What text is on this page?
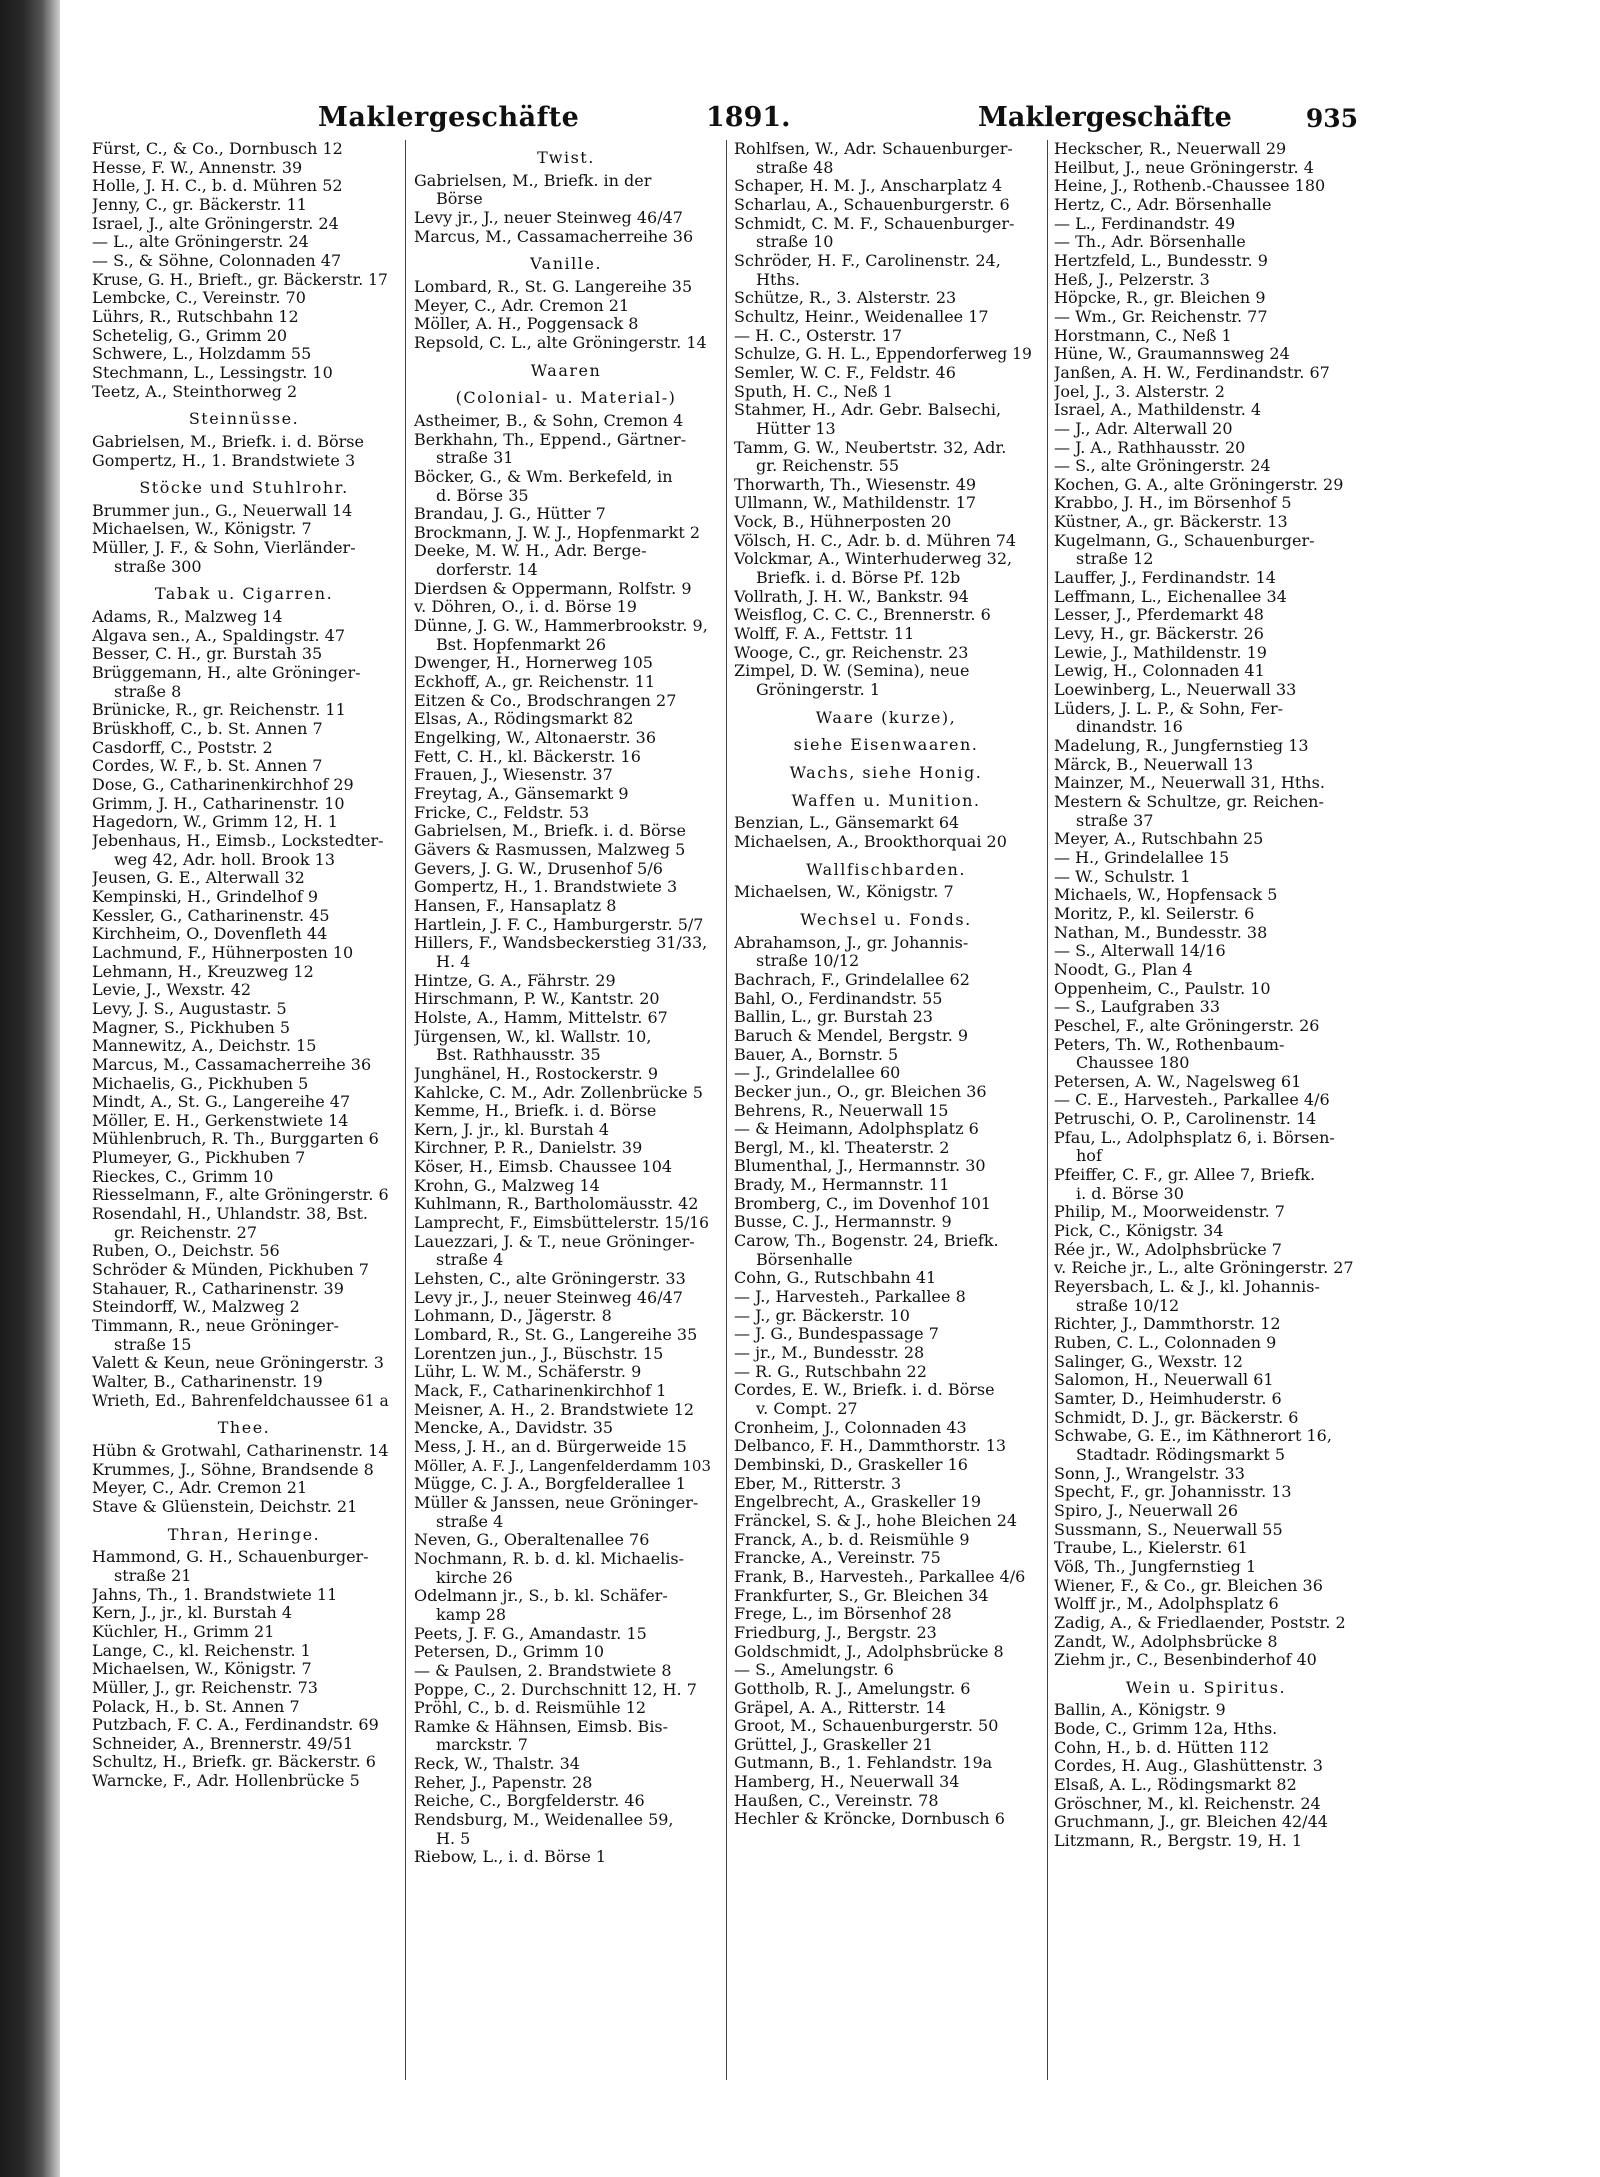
Maklergeschäfte	1891.	Maklergeschäfte	935
Fürst, C., & Co., Dornbusch 12
Hesse, F. W., Annenstr. 39
Holle, J. H. C., b. d. Mühren 52
Jenny, C., gr. Bäckerstr. 11
Israel, J., alte Gröningerstr. 24
— L., alte Gröningerstr. 24
— S., & Söhne, Colonnaden 47
Kruse, G. H., Brieft., gr. Bäckerstr. 17
Lembcke, C., Vereinstr. 70
Lührs, R., Rutschbahn 12
Schetelig, G., Grimm 20
Schwere, L., Holzdamm 55
Stechmann, L., Lessingstr. 10
Teetz, A., Steinthorweg 2
Steinnüsse.
Gabrielsen, M., Briefk. i. d. Börse
Gompertz, H., 1. Brandstwiete 3
Stöcke und Stuhlrohr.
Brummer jun., G., Neuerwall 14
Michaelsen, W., Königstr. 7
Müller, J. F., & Sohn, Vierländer-
straße 300
Tabak u. Cigarren.
Adams, R., Malzweg 14
Algava sen., A., Spaldingstr. 47
Besser, C. H., gr. Burstah 35
Brüggemann, H., alte Gröninger-
straße 8
Brünicke, R., gr. Reichenstr. 11
Brüskhoff, C., b. St. Annen 7
Casdorff, C., Poststr. 2
Cordes, W. F., b. St. Annen 7
Dose, G., Catharinenkirchhof 29
Grimm, J. H., Catharinenstr. 10
Hagedorn, W., Grimm 12, H. 1
Jebenhaus, H., Eimsb., Lockstedter-
weg 42, Adr. holl. Brook 13
Jeusen, G. E., Alterwall 32
Kempinski, H., Grindelhof 9
Kessler, G., Catharinenstr. 45
Kirchheim, O., Dovenfleth 44
Lachmund, F., Hühnerposten 10
Lehmann, H., Kreuzweg 12
Levie, J., Wexstr. 42
Levy, J. S., Augustastr. 5
Magner, S., Pickhuben 5
Mannewitz, A., Deichstr. 15
Marcus, M., Cassamacherreihe 36
Michaelis, G., Pickhuben 5
Mindt, A., St. G., Langereihe 47
Möller, E. H., Gerkenstwiete 14
Mühlenbruch, R. Th., Burggarten 6
Plumeyer, G., Pickhuben 7
Rieckes, C., Grimm 10
Riesselmann, F., alte Gröningerstr. 6
Rosendahl, H., Uhlandstr. 38, Bst.
gr. Reichenstr. 27
Ruben, O., Deichstr. 56
Schröder & Münden, Pickhuben 7
Stahauer, R., Catharinenstr. 39
Steindorff, W., Malzweg 2
Timmann, R., neue Gröninger-
straße 15
Valett & Keun, neue Gröningerstr. 3
Walter, B., Catharinenstr. 19
Wrieth, Ed., Bahrenfeldchaussee 61 a
Thee.
Hübn & Grotwahl, Catharinenstr. 14
Krummes, J., Söhne, Brandsende 8
Meyer, C., Adr. Cremon 21
Stave & Glüenstein, Deichstr. 21
Thran, Heringe.
Hammond, G. H., Schauenburger-
straße 21
Jahns, Th., 1. Brandstwiete 11
Kern, J., jr., kl. Burstah 4
Küchler, H., Grimm 21
Lange, C., kl. Reichenstr. 1
Michaelsen, W., Königstr. 7
Müller, J., gr. Reichenstr. 73
Polack, H., b. St. Annen 7
Putzbach, F. C. A., Ferdinandstr. 69
Schneider, A., Brennerstr. 49/51
Schultz, H., Briefk. gr. Bäckerstr. 6
Warncke, F., Adr. Hollenbrücke 5
Twist.
Gabrielsen, M., Briefk. in der
Börse
Levy jr., J., neuer Steinweg 46/47
Marcus, M., Cassamacherreihe 36
Vanille.
Lombard, R., St. G. Langereihe 35
Meyer, C., Adr. Cremon 21
Möller, A. H., Poggensack 8
Repsold, C. L., alte Gröningerstr. 14
Waaren
(Colonial- u. Material-)
Astheimer, B., & Sohn, Cremon 4
Berkhahn, Th., Eppend., Gärtner-
straße 31
Böcker, G., & Wm. Berkefeld, in
d. Börse 35
Brandau, J. G., Hütter 7
Brockmann, J. W. J., Hopfenmarkt 2
Deeke, M. W. H., Adr. Berge-
dorferstr. 14
Dierdsen & Oppermann, Rolfstr. 9
v. Döhren, O., i. d. Börse 19
Dünne, J. G. W., Hammerbrookstr. 9,
Bst. Hopfenmarkt 26
Dwenger, H., Hornerweg 105
Eckhoff, A., gr. Reichenstr. 11
Eitzen & Co., Brodschrangen 27
Elsas, A., Rödingsmarkt 82
Engelking, W., Altonaerstr. 36
Fett, C. H., kl. Bäckerstr. 16
Frauen, J., Wiesenstr. 37
Freytag, A., Gänsemarkt 9
Fricke, C., Feldstr. 53
Gabrielsen, M., Briefk. i. d. Börse
Gävers & Rasmussen, Malzweg 5
Gevers, J. G. W., Drusenhof 5/6
Gompertz, H., 1. Brandstwiete 3
Hansen, F., Hansaplatz 8
Hartlein, J. F. C., Hamburgerstr. 5/7
Hillers, F., Wandsbeckerstieg 31/33,
H. 4
Hintze, G. A., Fährstr. 29
Hirschmann, P. W., Kantstr. 20
Holste, A., Hamm, Mittelstr. 67
Jürgensen, W., kl. Wallstr. 10,
Bst. Rathhausstr. 35
Junghänel, H., Rostockerstr. 9
Kahlcke, C. M., Adr. Zollenbrücke 5
Kemme, H., Briefk. i. d. Börse
Kern, J. jr., kl. Burstah 4
Kirchner, P. R., Danielstr. 39
Köser, H., Eimsb. Chaussee 104
Krohn, G., Malzweg 14
Kuhlmann, R., Bartholomäusstr. 42
Lamprecht, F., Eimsbüttelerstr. 15/16
Lauezzari, J. & T., neue Gröninger-
straße 4
Lehsten, C., alte Gröningerstr. 33
Levy jr., J., neuer Steinweg 46/47
Lohmann, D., Jägerstr. 8
Lombard, R., St. G., Langereihe 35
Lorentzen jun., J., Büschstr. 15
Lühr, L. W. M., Schäferstr. 9
Mack, F., Catharinenkirchhof 1
Meisner, A. H., 2. Brandstwiete 12
Mencke, A., Davidstr. 35
Mess, J. H., an d. Bürgerweide 15
Möller, A. F. J., Langenfelderdamm 103
Mügge, C. J. A., Borgfelderallee 1
Müller & Janssen, neue Gröninger-
straße 4
Neven, G., Oberaltenallee 76
Nochmann, R. b. d. kl. Michaelis-
kirche 26
Odelmann jr., S., b. kl. Schäfer-
kamp 28
Peets, J. F. G., Amandastr. 15
Petersen, D., Grimm 10
— & Paulsen, 2. Brandstwiete 8
Poppe, C., 2. Durchschnitt 12, H. 7
Pröhl, C., b. d. Reismühle 12
Ramke & Hähnsen, Eimsb. Bis-
marckstr. 7
Reck, W., Thalstr. 34
Reher, J., Papenstr. 28
Reiche, C., Borgfelderstr. 46
Rendsburg, M., Weidenallee 59,
H. 5
Riebow, L., i. d. Börse 1
Rohlfsen, W., Adr. Schauenburger-
straße 48
Schaper, H. M. J., Anscharplatz 4
Scharlau, A., Schauenburgerstr. 6
Schmidt, C. M. F., Schauenburger-
straße 10
Schröder, H. F., Carolinenstr. 24,
Hths.
Schütze, R., 3. Alsterstr. 23
Schultz, Heinr., Weidenallee 17
— H. C., Osterstr. 17
Schulze, G. H. L., Eppendorferweg 19
Semler, W. C. F., Feldstr. 46
Sputh, H. C., Neß 1
Stahmer, H., Adr. Gebr. Balsechi,
Hütter 13
Tamm, G. W., Neubertstr. 32, Adr.
gr. Reichenstr. 55
Thorwarth, Th., Wiesenstr. 49
Ullmann, W., Mathildenstr. 17
Vock, B., Hühnerposten 20
Völsch, H. C., Adr. b. d. Mühren 74
Volckmar, A., Winterhuderweg 32,
Briefk. i. d. Börse Pf. 12b
Vollrath, J. H. W., Bankstr. 94
Weisflog, C. C. C., Brennerstr. 6
Wolff, F. A., Fettstr. 11
Wooge, C., gr. Reichenstr. 23
Zimpel, D. W. (Semina), neue
Gröningerstr. 1
Waare (kurze),
siehe Eisenwaaren.
Wachs, siehe Honig.
Waffen u. Munition.
Benzian, L., Gänsemarkt 64
Michaelsen, A., Brookthorquai 20
Wallfischbarden.
Michaelsen, W., Königstr. 7
Wechsel u. Fonds.
Abrahamson, J., gr. Johannis-
straße 10/12
Bachrach, F., Grindelallee 62
Bahl, O., Ferdinandstr. 55
Ballin, L., gr. Burstah 23
Baruch & Mendel, Bergstr. 9
Bauer, A., Bornstr. 5
— J., Grindelallee 60
Becker jun., O., gr. Bleichen 36
Behrens, R., Neuerwall 15
— & Heimann, Adolphsplatz 6
Bergl, M., kl. Theaterstr. 2
Blumenthal, J., Hermannstr. 30
Brady, M., Hermannstr. 11
Bromberg, C., im Dovenhof 101
Busse, C. J., Hermannstr. 9
Carow, Th., Bogenstr. 24, Briefk.
Börsenhalle
Cohn, G., Rutschbahn 41
— J., Harvesteh., Parkallee 8
— J., gr. Bäckerstr. 10
— J. G., Bundespassage 7
— jr., M., Bundesstr. 28
— R. G., Rutschbahn 22
Cordes, E. W., Briefk. i. d. Börse
v. Compt. 27
Cronheim, J., Colonnaden 43
Delbanco, F. H., Dammthorstr. 13
Dembinski, D., Graskeller 16
Eber, M., Ritterstr. 3
Engelbrecht, A., Graskeller 19
Fränckel, S. & J., hohe Bleichen 24
Franck, A., b. d. Reismühle 9
Francke, A., Vereinstr. 75
Frank, B., Harvesteh., Parkallee 4/6
Frankfurter, S., Gr. Bleichen 34
Frege, L., im Börsenhof 28
Friedburg, J., Bergstr. 23
Goldschmidt, J., Adolphsbrücke 8
— S., Amelungstr. 6
Gottholb, R. J., Amelungstr. 6
Gräpel, A. A., Ritterstr. 14
Groot, M., Schauenburgerstr. 50
Grüttel, J., Graskeller 21
Gutmann, B., 1. Fehlandstr. 19a
Hamberg, H., Neuerwall 34
Haußen, C., Vereinstr. 78
Hechler & Kröncke, Dornbusch 6
Heckscher, R., Neuerwall 29
Heilbut, J., neue Gröningerstr. 4
Heine, J., Rothenb.-Chaussee 180
Hertz, C., Adr. Börsenhalle
— L., Ferdinandstr. 49
— Th., Adr. Börsenhalle
Hertzfeld, L., Bundesstr. 9
Heß, J., Pelzerstr. 3
Höpcke, R., gr. Bleichen 9
— Wm., Gr. Reichenstr. 77
Horstmann, C., Neß 1
Hüne, W., Graumannsweg 24
Janßen, A. H. W., Ferdinandstr. 67
Joel, J., 3. Alsterstr. 2
Israel, A., Mathildenstr. 4
— J., Adr. Alterwall 20
— J. A., Rathhausstr. 20
— S., alte Gröningerstr. 24
Kochen, G. A., alte Gröningerstr. 29
Krabbo, J. H., im Börsenhof 5
Küstner, A., gr. Bäckerstr. 13
Kugelmann, G., Schauenburger-
straße 12
Lauffer, J., Ferdinandstr. 14
Leffmann, L., Eichenallee 34
Lesser, J., Pferdemarkt 48
Levy, H., gr. Bäckerstr. 26
Lewie, J., Mathildenstr. 19
Lewig, H., Colonnaden 41
Loewinberg, L., Neuerwall 33
Lüders, J. L. P., & Sohn, Fer-
dinandstr. 16
Madelung, R., Jungfernstieg 13
Märck, B., Neuerwall 13
Mainzer, M., Neuerwall 31, Hths.
Mestern & Schultze, gr. Reichen-
straße 37
Meyer, A., Rutschbahn 25
— H., Grindelallee 15
— W., Schulstr. 1
Michaels, W., Hopfensack 5
Moritz, P., kl. Seilerstr. 6
Nathan, M., Bundesstr. 38
— S., Alterwall 14/16
Noodt, G., Plan 4
Oppenheim, C., Paulstr. 10
— S., Laufgraben 33
Peschel, F., alte Gröningerstr. 26
Peters, Th. W., Rothenbaum-
Chaussee 180
Petersen, A. W., Nagelsweg 61
— C. E., Harvesteh., Parkallee 4/6
Petruschi, O. P., Carolinenstr. 14
Pfau, L., Adolphsplatz 6, i. Börsen-
hof
Pfeiffer, C. F., gr. Allee 7, Briefk.
i. d. Börse 30
Philip, M., Moorweidenstr. 7
Pick, C., Königstr. 34
Rée jr., W., Adolphsbrücke 7
v. Reiche jr., L., alte Gröningerstr. 27
Reyersbach, L. & J., kl. Johannis-
straße 10/12
Richter, J., Dammthorstr. 12
Ruben, C. L., Colonnaden 9
Salinger, G., Wexstr. 12
Salomon, H., Neuerwall 61
Samter, D., Heimhuderstr. 6
Schmidt, D. J., gr. Bäckerstr. 6
Schwabe, G. E., im Käthnerort 16,
Stadtadr. Rödingsmarkt 5
Sonn, J., Wrangelstr. 33
Specht, F., gr. Johannisstr. 13
Spiro, J., Neuerwall 26
Sussmann, S., Neuerwall 55
Traube, L., Kielerstr. 61
Vöß, Th., Jungfernstieg 1
Wiener, F., & Co., gr. Bleichen 36
Wolff jr., M., Adolphsplatz 6
Zadig, A., & Friedlaender, Poststr. 2
Zandt, W., Adolphsbrücke 8
Ziehm jr., C., Besenbinderhof 40
Wein u. Spiritus.
Ballin, A., Königstr. 9
Bode, C., Grimm 12a, Hths.
Cohn, H., b. d. Hütten 112
Cordes, H. Aug., Glashüttenstr. 3
Elsaß, A. L., Rödingsmarkt 82
Gröschner, M., kl. Reichenstr. 24
Gruchmann, J., gr. Bleichen 42/44
Litzmann, R., Bergstr. 19, H. 1
